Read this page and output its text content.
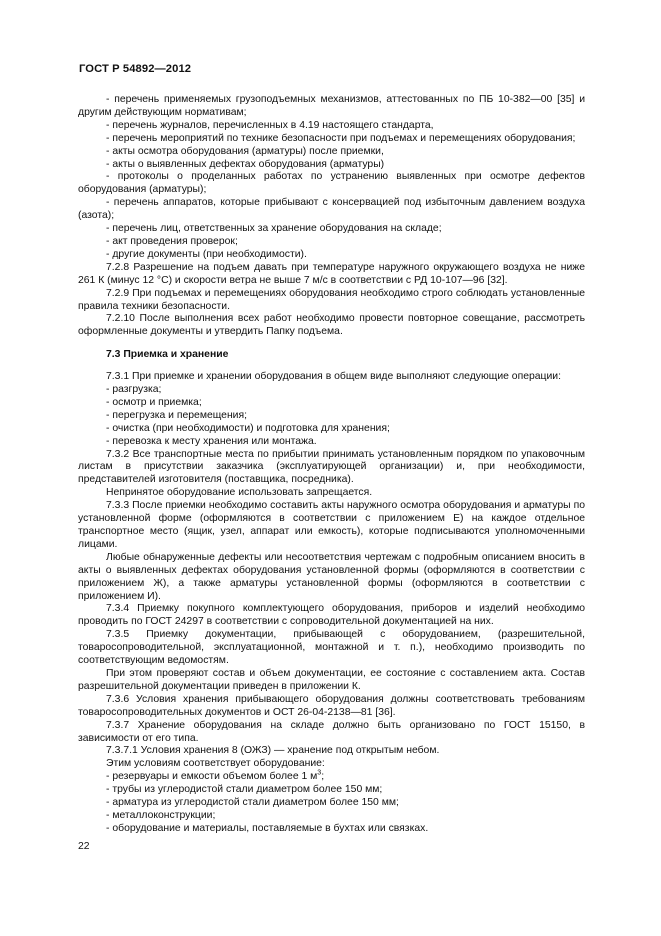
ГОСТ Р 54892—2012

- перечень применяемых грузоподъемных механизмов, аттестованных по ПБ 10-382—00 [35] и другим действующим нормативам;

- перечень журналов, перечисленных в 4.19 настоящего стандарта,

- перечень мероприятий по технике безопасности при подъемах и перемещениях оборудования;

- акты осмотра оборудования (арматуры) после приемки,

- акты о выявленных дефектах оборудования (арматуры)

- протоколы о проделанных работах по устранению выявленных при осмотре дефектов оборудования (арматуры);

- перечень аппаратов, которые прибывают с консервацией под избыточным давлением воздуха (азота);

- перечень лиц, ответственных за хранение оборудования на складе;

- акт проведения проверок;

- другие документы (при необходимости).

7.2.8 Разрешение на подъем давать при температуре наружного окружающего воздуха не ниже 261 К (минус 12 °С) и скорости ветра не выше 7 м/с в соответствии с РД 10-107—96 [32].

7.2.9 При подъемах и перемещениях оборудования необходимо строго соблюдать установленные правила техники безопасности.

7.2.10 После выполнения всех работ необходимо провести повторное совещание, рассмотреть оформленные документы и утвердить Папку подъема.

7.3 Приемка и хранение

7.3.1 При приемке и хранении оборудования в общем виде выполняют следующие операции:

- разгрузка;

- осмотр и приемка;

- перегрузка и перемещения;

- очистка (при необходимости) и подготовка для хранения;

- перевозка к месту хранения или монтажа.

7.3.2 Все транспортные места по прибытии принимать установленным порядком по упаковочным листам в присутствии заказчика (эксплуатирующей организации) и, при необходимости, представителей изготовителя (поставщика, посредника).

Непринятое оборудование использовать запрещается.

7.3.3 После приемки необходимо составить акты наружного осмотра оборудования и арматуры по установленной форме (оформляются в соответствии с приложением Е) на каждое отдельное транспортное место (ящик, узел, аппарат или емкость), которые подписываются уполномоченными лицами.

Любые обнаруженные дефекты или несоответствия чертежам с подробным описанием вносить в акты о выявленных дефектах оборудования установленной формы (оформляются в соответствии с приложением Ж), а также арматуры установленной формы (оформляются в соответствии с приложением И).

7.3.4 Приемку покупного комплектующего оборудования, приборов и изделий необходимо проводить по ГОСТ 24297 в соответствии с сопроводительной документацией на них.

7.3.5 Приемку документации, прибывающей с оборудованием, (разрешительной, товаросопроводительной, эксплуатационной, монтажной и т. п.), необходимо производить по соответствующим ведомостям.

При этом проверяют состав и объем документации, ее состояние с составлением акта. Состав разрешительной документации приведен в приложении К.

7.3.6 Условия хранения прибывающего оборудования должны соответствовать требованиям товаросопроводительных документов и ОСТ 26-04-2138—81 [36].

7.3.7 Хранение оборудования на складе должно быть организовано по ГОСТ 15150, в зависимости от его типа.

7.3.7.1 Условия хранения 8 (ОЖЗ) — хранение под открытым небом.

Этим условиям соответствует оборудование:

- резервуары и емкости объемом более 1 $м^3$;

- трубы из углеродистой стали диаметром более 150 мм;

- арматура из углеродистой стали диаметром более 150 мм;

- металлоконструкции;

- оборудование и материалы, поставляемые в бухтах или связках.

22
